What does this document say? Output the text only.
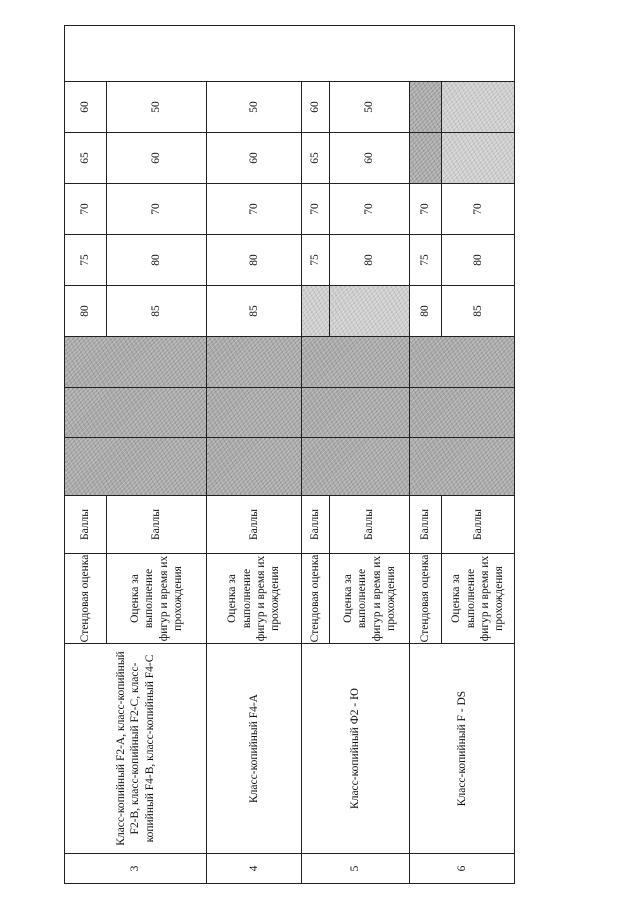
3	Класс-копийный F2-A, класс-копийный F2-B, класс-копийный F2-C, класс-копийный F4-B, класс-копийный F4-C	Стендовая оценка	Баллы				80	75	70	65	60	
		Оценка за выполнение фигур и время их прохождения	Баллы				85	80	70	60	50	
4	Класс-копийный F4-A	Оценка за выполнение фигур и время их прохождения	Баллы				85	80	70	60	50	
5	Класс-копийный Ф2 - Ю	Стендовая оценка	Баллы					75	70	65	60	
		Оценка за выполнение фигур и время их прохождения	Баллы					80	70	60	50	
6	Класс-копийный F - DS	Стендовая оценка	Баллы				80	75	70			
		Оценка за выполнение фигур и время их прохождения	Баллы				85	80	70			
